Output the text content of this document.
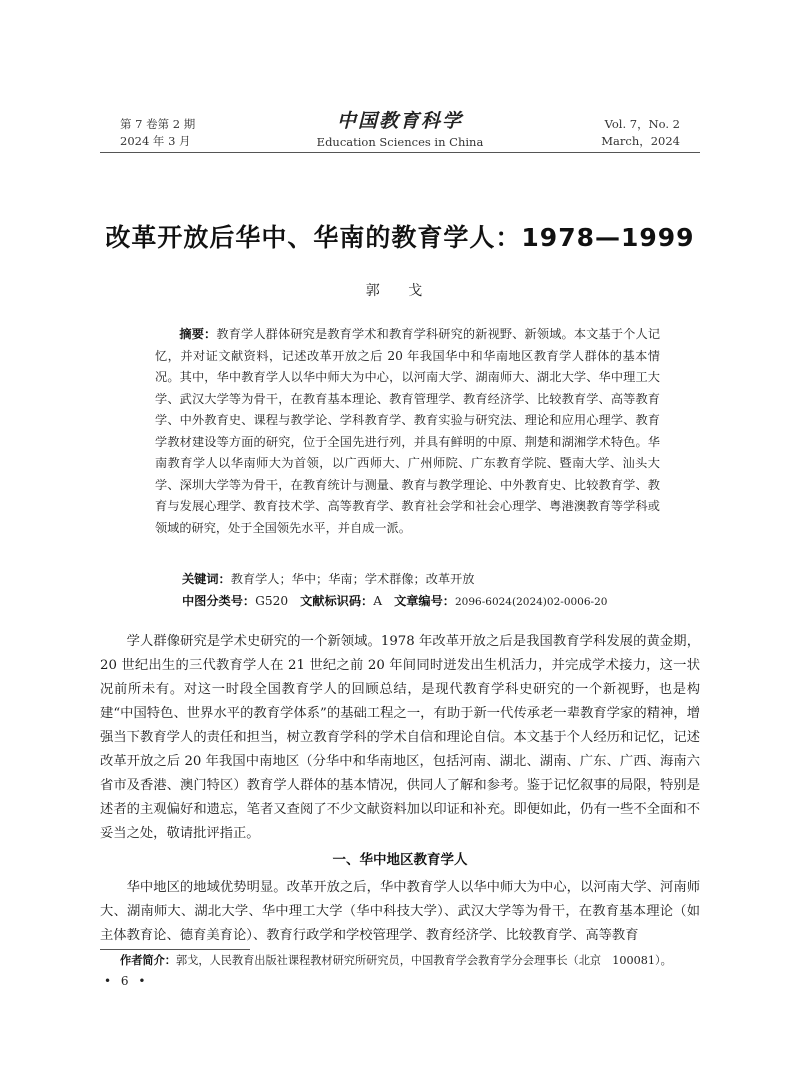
第 7 卷第 2 期
2024 年 3 月
中国教育科学
Education Sciences in China
Vol. 7，No. 2
March，2024
改革开放后华中、华南的教育学人：1978—1999
郭 戈
摘要：教育学人群体研究是教育学术和教育学科研究的新视野、新领域。本文基于个人记忆，并对证文献资料，记述改革开放之后 20 年我国华中和华南地区教育学人群体的基本情况。其中，华中教育学人以华中师大为中心，以河南大学、湖南师大、湖北大学、华中理工大学、武汉大学等为骨干，在教育基本理论、教育管理学、教育经济学、比较教育学、高等教育学、中外教育史、课程与教学论、学科教育学、教育实验与研究法、理论和应用心理学、教育学教材建设等方面的研究，位于全国先进行列，并具有鲜明的中原、荆楚和湖湘学术特色。华南教育学人以华南师大为首领，以广西师大、广州师院、广东教育学院、暨南大学、汕头大学、深圳大学等为骨干，在教育统计与测量、教育与教学理论、中外教育史、比较教育学、教育与发展心理学、教育技术学、高等教育学、教育社会学和社会心理学、粤港澳教育等学科或领域的研究，处于全国领先水平，并自成一派。
关键词：教育学人；华中；华南；学术群像；改革开放
中图分类号：G520 文献标识码：A 文章编号：2096-6024(2024)02-0006-20
学人群像研究是学术史研究的一个新领域。1978 年改革开放之后是我国教育学科发展的黄金期，20 世纪出生的三代教育学人在 21 世纪之前 20 年间同时迸发出生机活力，并完成学术接力，这一状况前所未有。对这一时段全国教育学人的回顾总结，是现代教育学科史研究的一个新视野，也是构建“中国特色、世界水平的教育学体系”的基础工程之一，有助于新一代传承老一辈教育学家的精神，增强当下教育学人的责任和担当，树立教育学科的学术自信和理论自信。本文基于个人经历和记忆，记述改革开放之后 20 年我国中南地区（分华中和华南地区，包括河南、湖北、湖南、广东、广西、海南六省市及香港、澳门特区）教育学人群体的基本情况，供同人了解和参考。鉴于记忆叙事的局限，特别是述者的主观偏好和遗忘，笔者又查阅了不少文献资料加以印证和补充。即便如此，仍有一些不全面和不妥当之处，敬请批评指正。
一、华中地区教育学人
华中地区的地域优势明显。改革开放之后，华中教育学人以华中师大为中心，以河南大学、河南师大、湖南师大、湖北大学、华中理工大学（华中科技大学）、武汉大学等为骨干，在教育基本理论（如主体教育论、德育美育论）、教育行政学和学校管理学、教育经济学、比较教育学、高等教育
作者简介：郭戈，人民教育出版社课程教材研究所研究员，中国教育学会教育学分会理事长（北京　100081）。
• 6 •
